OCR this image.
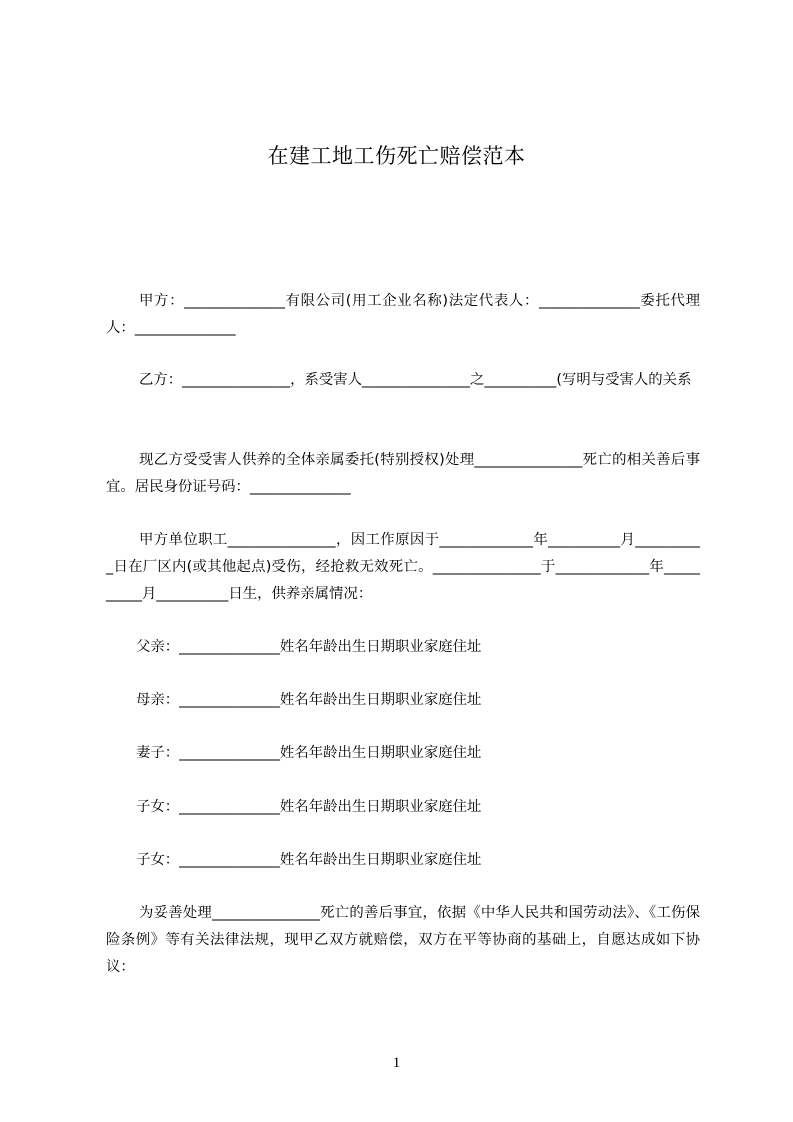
在建工地工伤死亡赔偿范本
甲方：______________有限公司(用工企业名称)法定代表人：______________委托代理人：______________
乙方：_______________，系受害人_______________之__________(写明与受害人的关系
现乙方受受害人供养的全体亲属委托(特别授权)处理_______________死亡的相关善后事宜。居民身份证号码：______________
甲方单位职工_______________，因工作原因于_____________年__________月__________日在厂区内(或其他起点)受伤，经抢救无效死亡。_______________于_____________年__________月__________日生，供养亲属情况：
父亲：______________姓名年龄出生日期职业家庭住址
母亲：______________姓名年龄出生日期职业家庭住址
妻子：______________姓名年龄出生日期职业家庭住址
子女：______________姓名年龄出生日期职业家庭住址
子女：______________姓名年龄出生日期职业家庭住址
为妥善处理_______________死亡的善后事宜，依据《中华人民共和国劳动法》、《工伤保险条例》等有关法律法规，现甲乙双方就赔偿，双方在平等协商的基础上，自愿达成如下协议：
1
